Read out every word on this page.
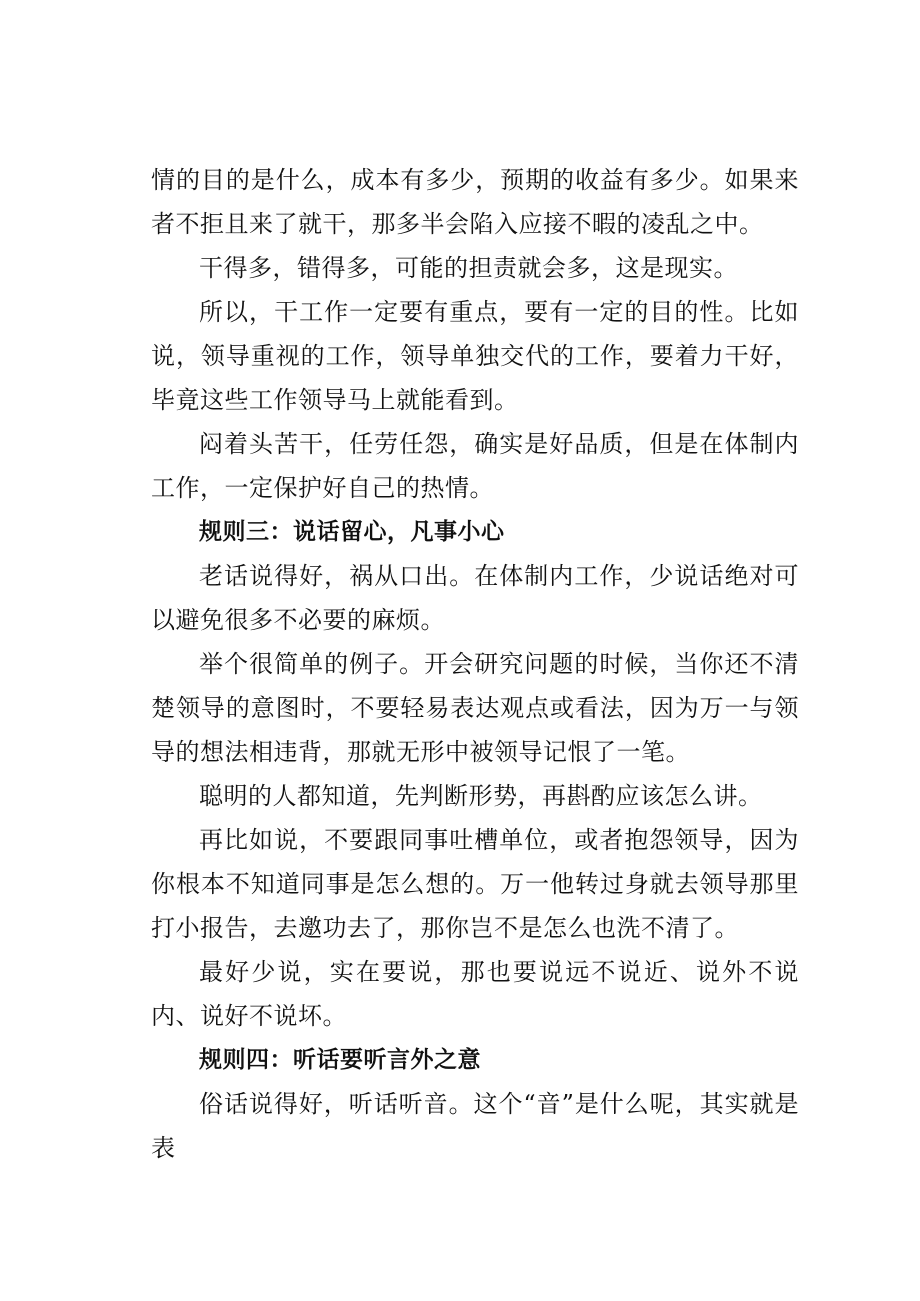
情的目的是什么，成本有多少，预期的收益有多少。如果来者不拒且来了就干，那多半会陷入应接不暇的凌乱之中。

干得多，错得多，可能的担责就会多，这是现实。

所以，干工作一定要有重点，要有一定的目的性。比如说，领导重视的工作，领导单独交代的工作，要着力干好，毕竟这些工作领导马上就能看到。

闷着头苦干，任劳任怨，确实是好品质，但是在体制内工作，一定保护好自己的热情。

规则三：说话留心，凡事小心

老话说得好，祸从口出。在体制内工作，少说话绝对可以避免很多不必要的麻烦。

举个很简单的例子。开会研究问题的时候，当你还不清楚领导的意图时，不要轻易表达观点或看法，因为万一与领导的想法相违背，那就无形中被领导记恨了一笔。

聪明的人都知道，先判断形势，再斟酌应该怎么讲。

再比如说，不要跟同事吐槽单位，或者抱怨领导，因为你根本不知道同事是怎么想的。万一他转过身就去领导那里打小报告，去邀功去了，那你岂不是怎么也洗不清了。

最好少说，实在要说，那也要说远不说近、说外不说内、说好不说坏。

规则四：听话要听言外之意

俗话说得好，听话听音。这个“音”是什么呢，其实就是表
